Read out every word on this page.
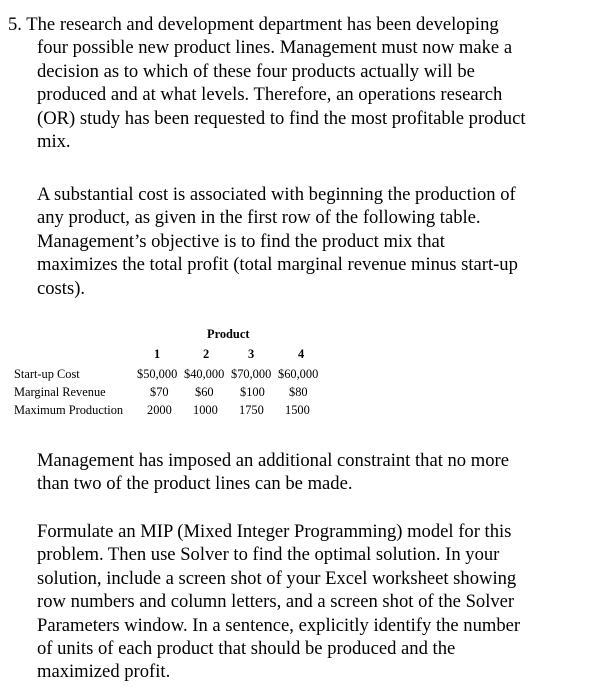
5. The research and development department has been developing
four possible new product lines. Management must now make a
decision as to which of these four products actually will be
produced and at what levels. Therefore, an operations research
(OR) study has been requested to find the most profitable product
mix.
A substantial cost is associated with beginning the production of
any product, as given in the first row of the following table.
Management’s objective is to find the product mix that
maximizes the total profit (total marginal revenue minus start-up
costs).
Product
1	2	3	4
Start-up Cost	$50,000 $40,000 $70,000 $60,000
Marginal Revenue	$70 $60 $100 $80
Maximum Production 2000 1000 1750 1500
Management has imposed an additional constraint that no more
than two of the product lines can be made.
Formulate an MIP (Mixed Integer Programming) model for this
problem. Then use Solver to find the optimal solution. In your
solution, include a screen shot of your Excel worksheet showing
row numbers and column letters, and a screen shot of the Solver
Parameters window. In a sentence, explicitly identify the number
of units of each product that should be produced and the
maximized profit.
